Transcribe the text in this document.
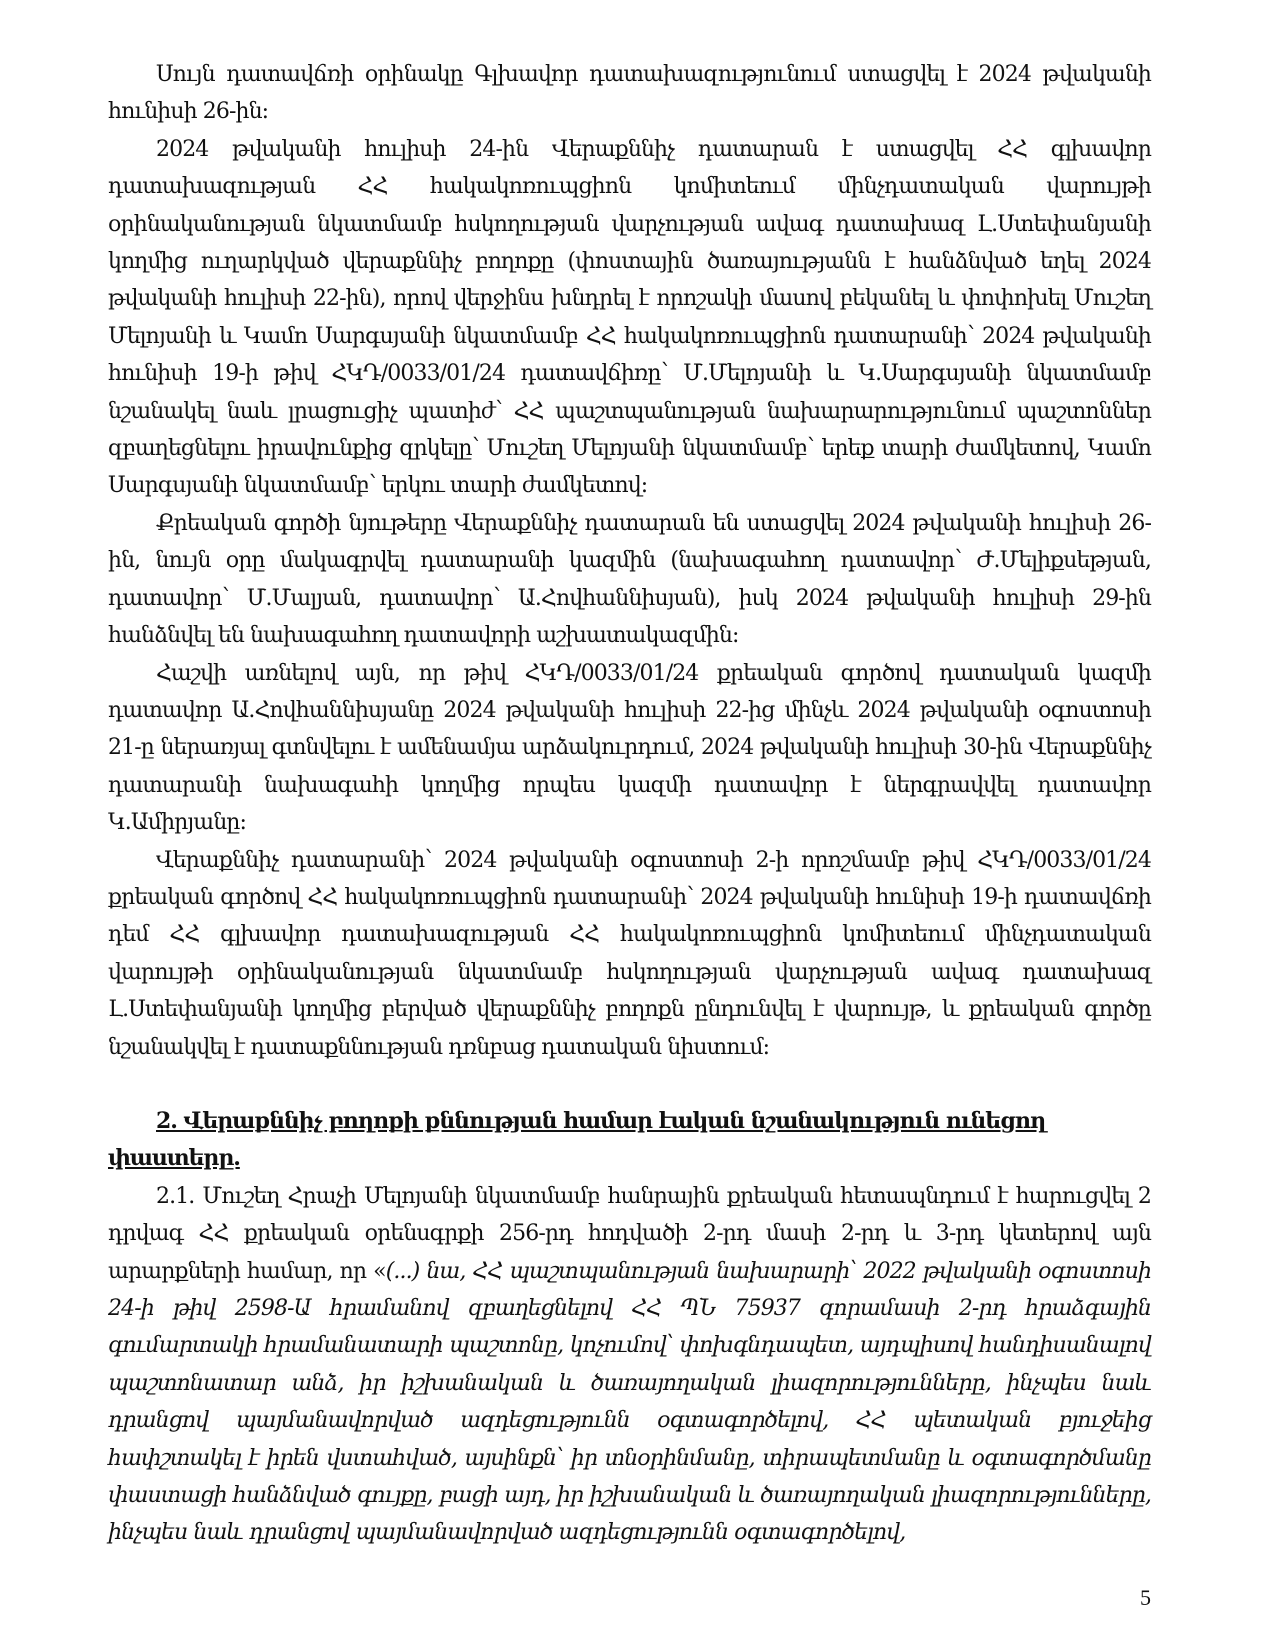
Սույն դատավճռի օրինակը Գլխավոր դատախազությունում ստացվել է 2024 թվականի հունիսի 26-ին:

2024 թվականի հուլիսի 24-ին Վերաքննիչ դատարան է ստացվել ՀՀ գլխավոր դատախազության ՀՀ հակակոռուպցիոն կոմիտեում մինչդատական վարույթի օրինականության նկատմամբ հսկողության վարչության ավագ դատախազ Լ.Ստեփանյանի կողմից ուղարկված վերաքննիչ բողոքը (փոստային ծառայությանն է հանձնված եղել 2024 թվականի հուլիսի 22-ին), որով վերջինս խնդրել է որոշակի մասով բեկանել և փոփոխել Մուշեղ Մելոյանի և Կամո Սարգսյանի նկատմամբ ՀՀ հակակոռուպցիոն դատարանի՝ 2024 թվականի հունիսի 19-ի թիվ ՀԿԴ/0033/01/24 դատավճիռը՝ Մ.Մելոյանի և Կ.Սարգսյանի նկատմամբ նշանակել նաև լրացուցիչ պատիժ՝ ՀՀ պաշտպանության նախարարությունում պաշտոններ զբաղեցնելու իրավունքից զրկելը՝ Մուշեղ Մելոյանի նկատմամբ՝ երեք տարի ժամկետով, Կամո Սարգսյանի նկատմամբ՝ երկու տարի ժամկետով:

Քրեական գործի նյութերը Վերաքննիչ դատարան են ստացվել 2024 թվականի հուլիսի 26-ին, նույն օրը մակագրվել դատարանի կազմին (նախագահող դատավոր՝ Ժ.Մելիքսեթյան, դատավոր՝ Մ.Մալյան, դատավոր՝ Ա.Հովհաննիսյան), իսկ 2024 թվականի հուլիսի 29-ին հանձնվել են նախագահող դատավորի աշխատակազմին:

Հաշվի առնելով այն, որ թիվ ՀԿԴ/0033/01/24 քրեական գործով դատական կազմի դատավոր Ա.Հովհաննիսյանը 2024 թվականի հուլիսի 22-ից մինչև 2024 թվականի օգոստոսի 21-ը ներառյալ գտնվելու է ամենամյա արձակուրդում, 2024 թվականի հուլիսի 30-ին Վերաքննիչ դատարանի նախագահի կողմից որպես կազմի դատավոր է ներգրավվել դատավոր Կ.Ամիրյանը:

Վերաքննիչ դատարանի՝ 2024 թվականի օգոստոսի 2-ի որոշմամբ թիվ ՀԿԴ/0033/01/24 քրեական գործով ՀՀ հակակոռուպցիոն դատարանի՝ 2024 թվականի հունիսի 19-ի դատավճռի դեմ ՀՀ գլխավոր դատախազության ՀՀ հակակոռուպցիոն կոմիտեում մինչդատական վարույթի օրինականության նկատմամբ հսկողության վարչության ավագ դատախազ Լ.Ստեփանյանի կողմից բերված վերաքննիչ բողոքն ընդունվել է վարույթ, և քրեական գործը նշանակվել է դատաքննության դռնբաց դատական նիստում:

2. Վերաքննիչ բողոքի քննության համար էական նշանակություն ունեցող փաստերը.

2.1. Մուշեղ Հրաչի Մելոյանի նկատմամբ հանրային քրեական հետապնդում է հարուցվել 2 դրվագ ՀՀ քրեական օրենսգրքի 256-րդ հոդվածի 2-րդ մասի 2-րդ և 3-րդ կետերով այն արարքների համար, որ «(...) նա, ՀՀ պաշտպանության նախարարի՝ 2022 թվականի օգոստոսի 24-ի թիվ 2598-Ա հրամանով զբաղեցնելով ՀՀ ՊՆ 75937 զորամասի 2-րդ հրաձգային գումարտակի հրամանատարի պաշտոնը, կոչումով՝ փոխգնդապետ, այդպիսով հանդիսանալով պաշտոնատար անձ, իր իշխանական և ծառայողական լիազորությունները, ինչպես նաև դրանցով պայմանավորված ազդեցությունն օգտագործելով, ՀՀ պետական բյուջեից հափշտակել է իրեն վստահված, այսինքն՝ իր տնօրինմանը, տիրապետմանը և օգտագործմանը փաստացի հանձնված գույքը, բացի այդ, իր իշխանական և ծառայողական լիազորությունները, ինչպես նաև դրանցով պայմանավորված ազդեցությունն օգտագործելով,

5
